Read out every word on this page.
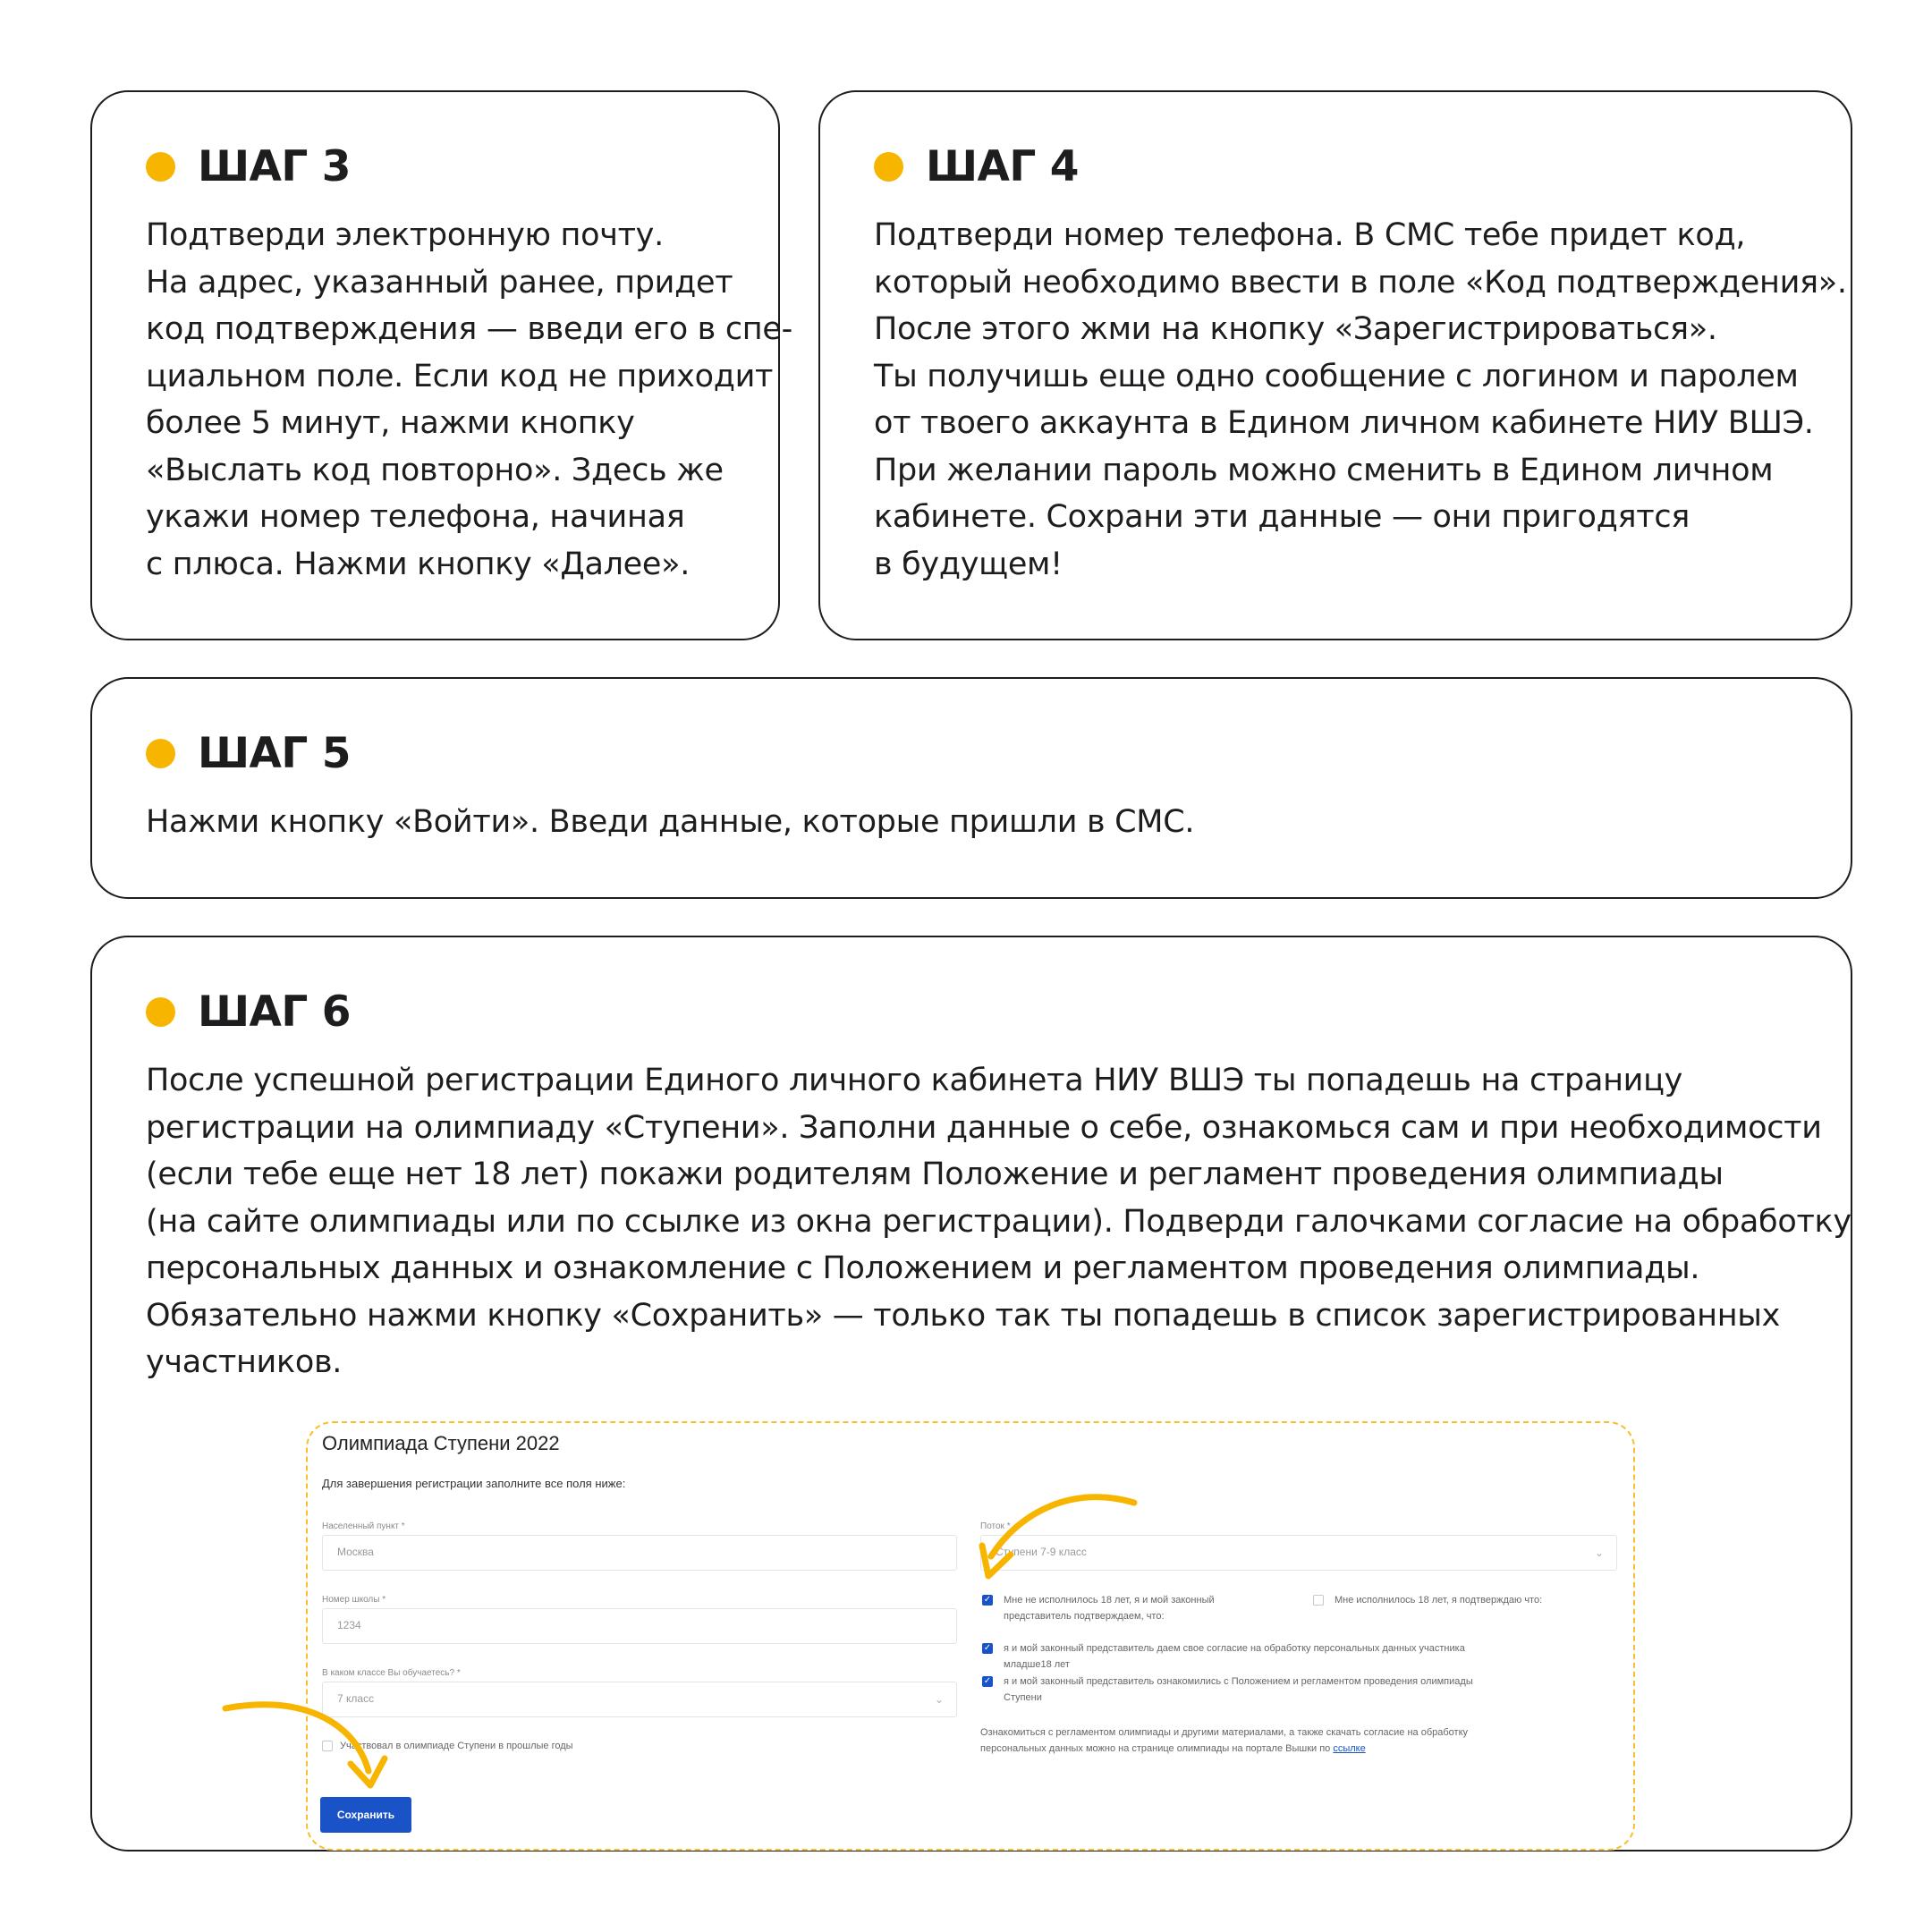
ШАГ 3
Подтверди электронную почту.
На адрес, указанный ранее, придет
код подтверждения — введи его в спе-
циальном поле. Если код не приходит
более 5 минут, нажми кнопку
«Выслать код повторно». Здесь же
укажи номер телефона, начиная
с плюса. Нажми кнопку «Далее».
ШАГ 4
Подтверди номер телефона. В СМС тебе придет код,
который необходимо ввести в поле «Код подтверждения».
После этого жми на кнопку «Зарегистрироваться».
Ты получишь еще одно сообщение с логином и паролем
от твоего аккаунта в Едином личном кабинете НИУ ВШЭ.
При желании пароль можно сменить в Едином личном
кабинете. Сохрани эти данные — они пригодятся
в будущем!
ШАГ 5
Нажми кнопку «Войти». Введи данные, которые пришли в СМС.
ШАГ 6
После успешной регистрации Единого личного кабинета НИУ ВШЭ ты попадешь на страницу
регистрации на олимпиаду «Ступени». Заполни данные о себе, ознакомься сам и при необходимости
(если тебе еще нет 18 лет) покажи родителям Положение и регламент проведения олимпиады
(на сайте олимпиады или по ссылке из окна регистрации). Подверди галочками согласие на обработку
персональных данных и ознакомление с Положением и регламентом проведения олимпиады.
Обязательно нажми кнопку «Сохранить» — только так ты попадешь в список зарегистрированных
участников.
Олимпиада Ступени 2022
Для завершения регистрации заполните все поля ниже:
Населенный пункт *
Москва
Номер школы *
1234
В каком классе Вы обучаетесь? *
7 класс	⌄
Участвовал в олимпиаде Ступени в прошлые годы
Сохранить
Поток *
Ступени 7-9 класс	⌄
✓ Мне не исполнилось 18 лет, я и мой законный
представитель подтверждаем, что:
Мне исполнилось 18 лет, я подтверждаю что:
✓ я и мой законный представитель даем свое согласие на обработку персональных данных участника
младше18 лет
✓ я и мой законный представитель ознакомились с Положением и регламентом проведения олимпиады
Ступени
Ознакомиться с регламентом олимпиады и другими материалами, а также скачать согласие на обработку
персональных данных можно на странице олимпиады на портале Вышки по ссылке
